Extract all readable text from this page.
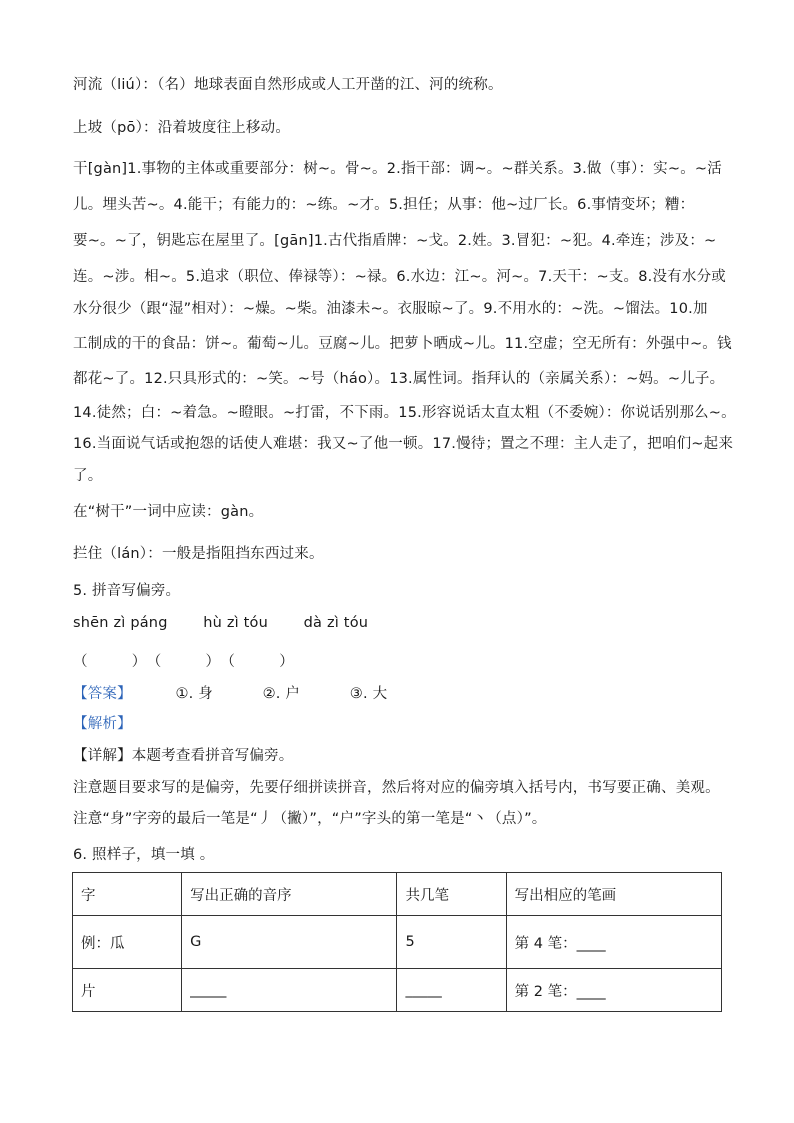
河流（liú）：（名）地球表面自然形成或人工开凿的江、河的统称。
上坡（pō）：沿着坡度往上移动。
干[gàn]1.事物的主体或重要部分：树~。骨~。2.指干部：调~。~群关系。3.做（事）：实~。~活
儿。埋头苦~。4.能干；有能力的：~练。~才。5.担任；从事：他~过厂长。6.事情变坏；糟：
要~。~了，钥匙忘在屋里了。[gān]1.古代指盾牌：~戈。2.姓。3.冒犯：~犯。4.牵连；涉及：~
连。~涉。相~。5.追求（职位、俸禄等）：~禄。6.水边：江~。河~。7.天干：~支。8.没有水分或
水分很少（跟“湿”相对）：~燥。~柴。油漆未~。衣服晾~了。9.不用水的：~洗。~馏法。10.加
工制成的干的食品：饼~。葡萄~儿。豆腐~儿。把萝卜晒成~儿。11.空虚；空无所有：外强中~。钱
都花~了。12.只具形式的：~笑。~号（háo）。13.属性词。指拜认的（亲属关系）：~妈。~儿子。
14.徒然；白：~着急。~瞪眼。~打雷，不下雨。15.形容说话太直太粗（不委婉）：你说话别那么~。
16.当面说气话或抱怨的话使人难堪：我又~了他一顿。17.慢待；置之不理：主人走了，把咱们~起来
了。
在“树干”一词中应读：gàn。
拦住（lán）：一般是指阻挡东西过来。
5. 拼音写偏旁。
shēn zì páng hù zì tóu dà zì tóu
（　　　）　（　　　）　（　　　）
【答案】	①. 身	②. 户	③. 大
【解析】
【详解】本题考查看拼音写偏旁。
注意题目要求写的是偏旁，先要仔细拼读拼音，然后将对应的偏旁填入括号内，书写要正确、美观。
注意“身”字旁的最后一笔是“丿（撇）”，“户”字头的第一笔是“丶（点）”。
6. 照样子，填一填 。
字	写出正确的音序	共几笔	写出相应的笔画
例：瓜	G	5	第 4 笔：____
片	_____	_____	第 2 笔：____
